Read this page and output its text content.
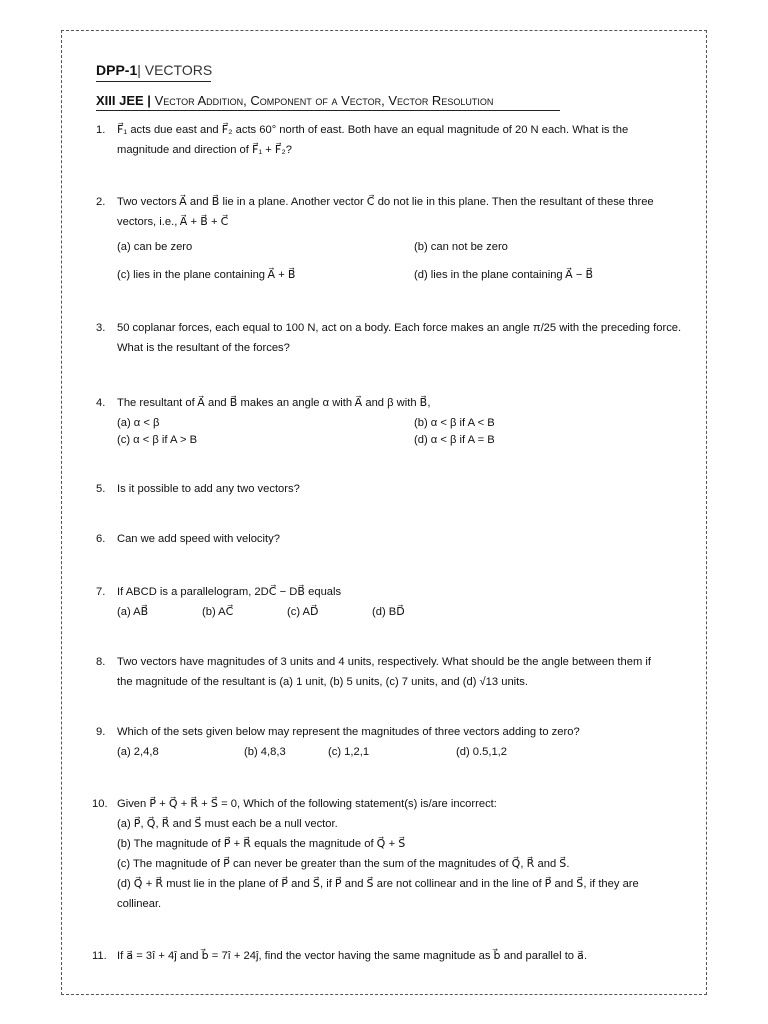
DPP-1| VECTORS
XIII JEE | Vector Addition, Component of a Vector, Vector Resolution
1. F⃗₁ acts due east and F⃗₂ acts 60° north of east. Both have an equal magnitude of 20 N each. What is the
magnitude and direction of F⃗₁ + F⃗₂?
2. Two vectors A⃗ and B⃗ lie in a plane. Another vector C⃗ do not lie in this plane. Then the resultant of these three
vectors, i.e., A⃗ + B⃗ + C⃗
(a) can be zero	(b) can not be zero
(c) lies in the plane containing A⃗ + B⃗	(d) lies in the plane containing A⃗ − B⃗
3. 50 coplanar forces, each equal to 100 N, act on a body. Each force makes an angle π/25 with the preceding force.
What is the resultant of the forces?
4. The resultant of A⃗ and B⃗ makes an angle α with A⃗ and β with B⃗,
(a) α < β	(b) α < β if A < B
(c) α < β if A > B	(d) α < β if A = B
5. Is it possible to add any two vectors?
6. Can we add speed with velocity?
7. If ABCD is a parallelogram, 2DC⃗ − DB⃗ equals
(a) AB⃗	(b) AC⃗	(c) AD⃗	(d) BD⃗
8. Two vectors have magnitudes of 3 units and 4 units, respectively. What should be the angle between them if
the magnitude of the resultant is (a) 1 unit, (b) 5 units, (c) 7 units, and (d) √13 units.
9. Which of the sets given below may represent the magnitudes of three vectors adding to zero?
(a) 2,4,8	(b) 4,8,3	(c) 1,2,1	(d) 0.5,1,2
10. Given P⃗ + Q⃗ + R⃗ + S⃗ = 0, Which of the following statement(s) is/are incorrect:
(a) P⃗, Q⃗, R⃗ and S⃗ must each be a null vector.
(b) The magnitude of P⃗ + R⃗ equals the magnitude of Q⃗ + S⃗
(c) The magnitude of P⃗ can never be greater than the sum of the magnitudes of Q⃗, R⃗ and S⃗.
(d) Q⃗ + R⃗ must lie in the plane of P⃗ and S⃗, if P⃗ and S⃗ are not collinear and in the line of P⃗ and S⃗, if they are
collinear.
11. If a⃗ = 3î + 4ĵ and b⃗ = 7î + 24ĵ, find the vector having the same magnitude as b⃗ and parallel to a⃗.
